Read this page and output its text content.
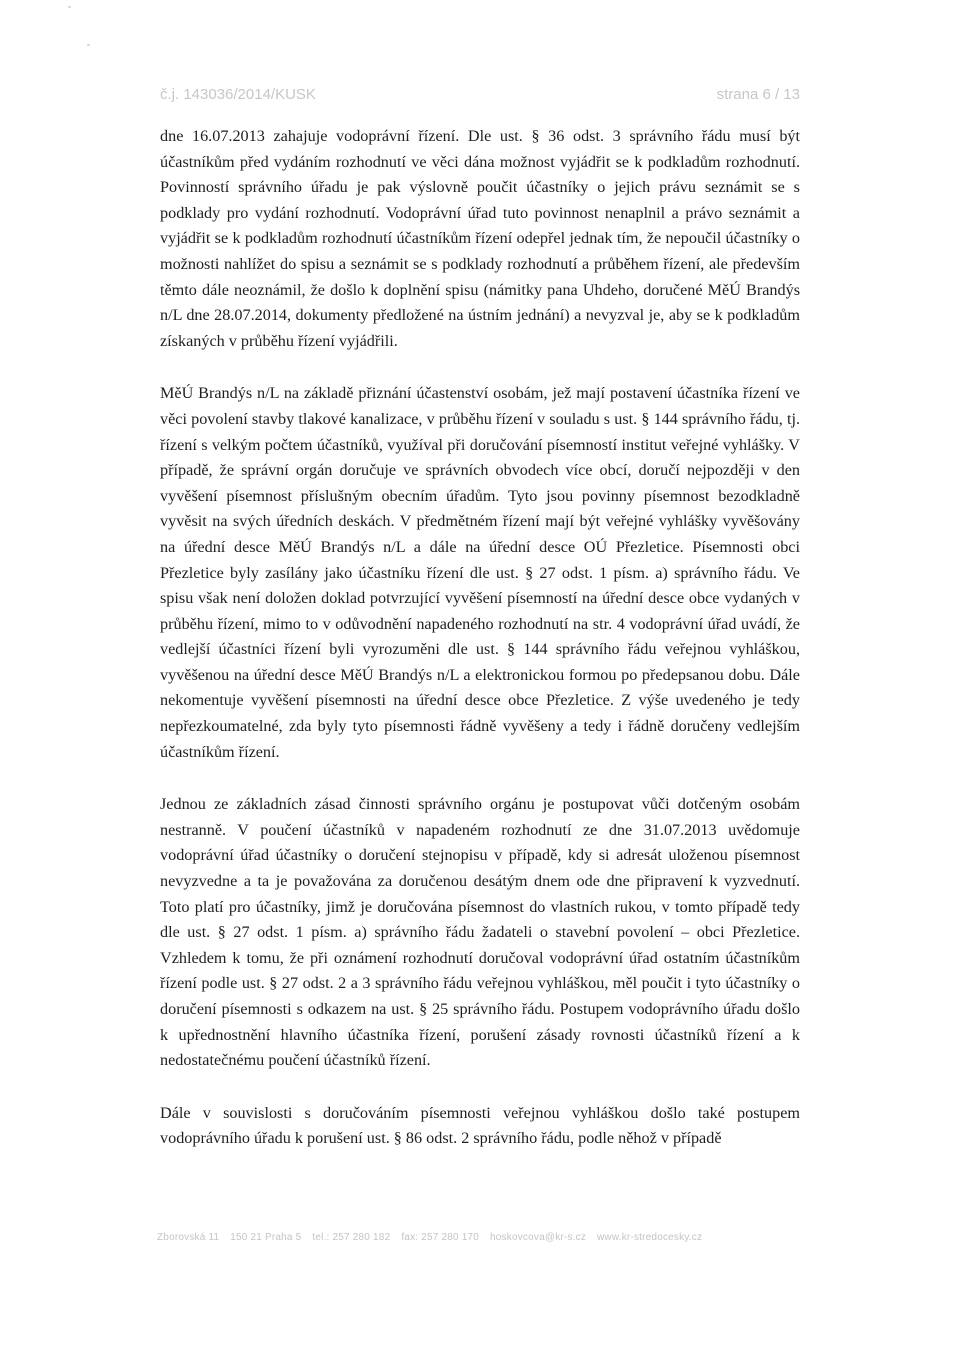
č.j. 143036/2014/KUSK	strana 6 / 13

dne 16.07.2013 zahajuje vodoprávní řízení. Dle ust. § 36 odst. 3 správního řádu musí být účastníkům před vydáním rozhodnutí ve věci dána možnost vyjádřit se k podkladům rozhodnutí. Povinností správního úřadu je pak výslovně poučit účastníky o jejich právu seznámit se s podklady pro vydání rozhodnutí. Vodoprávní úřad tuto povinnost nenaplnil a právo seznámit a vyjádřit se k podkladům rozhodnutí účastníkům řízení odepřel jednak tím, že nepoučil účastníky o možnosti nahlížet do spisu a seznámit se s podklady rozhodnutí a průběhem řízení, ale především těmto dále neoznámil, že došlo k doplnění spisu (námitky pana Uhdeho, doručené MěÚ Brandýs n/L dne 28.07.2014, dokumenty předložené na ústním jednání) a nevyzval je, aby se k podkladům získaných v průběhu řízení vyjádřili.

MěÚ Brandýs n/L na základě přiznání účastenství osobám, jež mají postavení účastníka řízení ve věci povolení stavby tlakové kanalizace, v průběhu řízení v souladu s ust. § 144 správního řádu, tj. řízení s velkým počtem účastníků, využíval při doručování písemností institut veřejné vyhlášky. V případě, že správní orgán doručuje ve správních obvodech více obcí, doručí nejpozději v den vyvěšení písemnost příslušným obecním úřadům. Tyto jsou povinny písemnost bezodkladně vyvěsit na svých úředních deskách. V předmětném řízení mají být veřejné vyhlášky vyvěšovány na úřední desce MěÚ Brandýs n/L a dále na úřední desce OÚ Přezletice. Písemnosti obci Přezletice byly zasílány jako účastníku řízení dle ust. § 27 odst. 1 písm. a) správního řádu. Ve spisu však není doložen doklad potvrzující vyvěšení písemností na úřední desce obce vydaných v průběhu řízení, mimo to v odůvodnění napadeného rozhodnutí na str. 4 vodoprávní úřad uvádí, že vedlejší účastníci řízení byli vyrozuměni dle ust. § 144 správního řádu veřejnou vyhláškou, vyvěšenou na úřední desce MěÚ Brandýs n/L a elektronickou formou po předepsanou dobu. Dále nekomentuje vyvěšení písemnosti na úřední desce obce Přezletice. Z výše uvedeného je tedy nepřezkoumatelné, zda byly tyto písemnosti řádně vyvěšeny a tedy i řádně doručeny vedlejším účastníkům řízení.

Jednou ze základních zásad činnosti správního orgánu je postupovat vůči dotčeným osobám nestranně. V poučení účastníků v napadeném rozhodnutí ze dne 31.07.2013 uvědomuje vodoprávní úřad účastníky o doručení stejnopisu v případě, kdy si adresát uloženou písemnost nevyzvedne a ta je považována za doručenou desátým dnem ode dne připravení k vyzvednutí. Toto platí pro účastníky, jimž je doručována písemnost do vlastních rukou, v tomto případě tedy dle ust. § 27 odst. 1 písm. a) správního řádu žadateli o stavební povolení – obci Přezletice. Vzhledem k tomu, že při oznámení rozhodnutí doručoval vodoprávní úřad ostatním účastníkům řízení podle ust. § 27 odst. 2 a 3 správního řádu veřejnou vyhláškou, měl poučit i tyto účastníky o doručení písemnosti s odkazem na ust. § 25 správního řádu. Postupem vodoprávního úřadu došlo k upřednostnění hlavního účastníka řízení, porušení zásady rovnosti účastníků řízení a k nedostatečnému poučení účastníků řízení.

Dále v souvislosti s doručováním písemnosti veřejnou vyhláškou došlo také postupem vodoprávního úřadu k porušení ust. § 86 odst. 2 správního řádu, podle něhož v případě

Zborovská 11 150 21 Praha 5 tel.: 257 280 182 fax: 257 280 170 hoskovcova@kr-s.cz www.kr-stredocesky.cz
